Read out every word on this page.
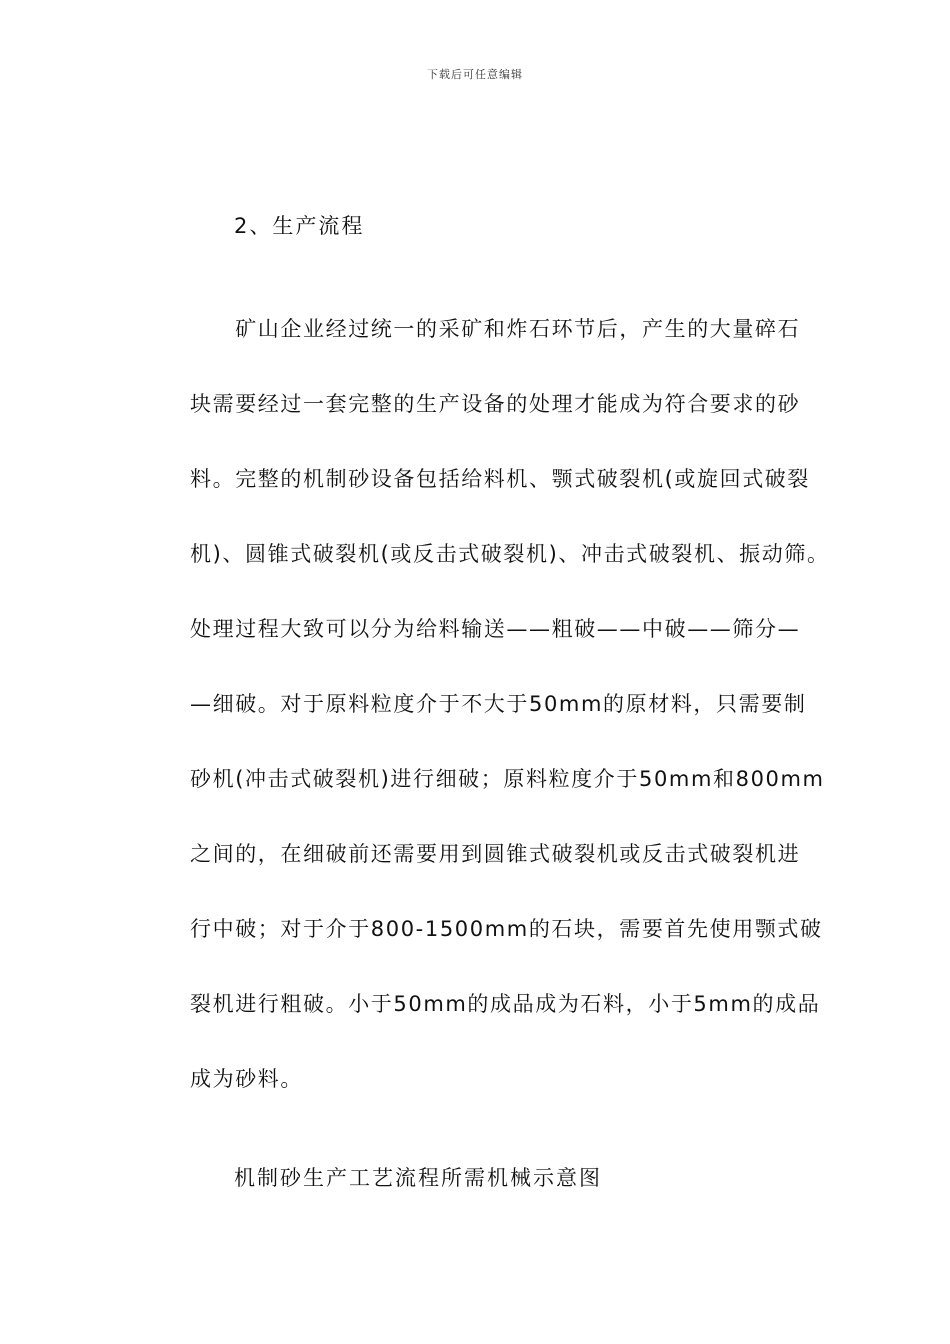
下载后可任意编辑
2、生产流程
　　矿山企业经过统一的采矿和炸石环节后，产生的大量碎石
块需要经过一套完整的生产设备的处理才能成为符合要求的砂
料。完整的机制砂设备包括给料机、颚式破裂机(或旋回式破裂
机)、圆锥式破裂机(或反击式破裂机)、冲击式破裂机、振动筛。
处理过程大致可以分为给料输送——粗破——中破——筛分—
—细破。对于原料粒度介于不大于50mm的原材料，只需要制
砂机(冲击式破裂机)进行细破；原料粒度介于50mm和800mm
之间的，在细破前还需要用到圆锥式破裂机或反击式破裂机进
行中破；对于介于800-1500mm的石块，需要首先使用颚式破
裂机进行粗破。小于50mm的成品成为石料，小于5mm的成品
成为砂料。
机制砂生产工艺流程所需机械示意图
